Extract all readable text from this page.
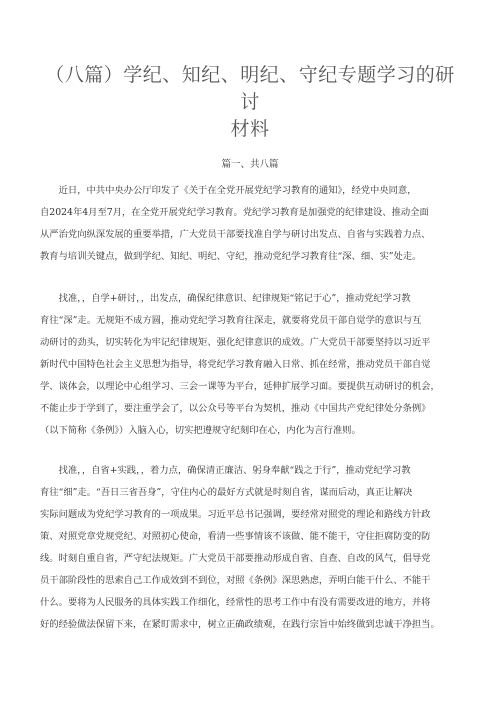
（八篇）学纪、知纪、明纪、守纪专题学习的研讨
材料
篇一、共八篇

近日，中共中央办公厅印发了《关于在全党开展党纪学习教育的通知》，经党中央同意，
自2024年4月至7月，在全党开展党纪学习教育。党纪学习教育是加强党的纪律建设、推动全面
从严治党向纵深发展的重要举措，广大党员干部要找准自学与研讨出发点、自省与实践着力点、
教育与培训关键点，做到学纪、知纪、明纪、守纪，推动党纪学习教育往“深、细、实”处走。

找准，，自学+研讨，，出发点，确保纪律意识、纪律规矩“铭记于心”，推动党纪学习教
育往“深”走。无规矩不成方圆，推动党纪学习教育往深走，就要将党员干部自觉学的意识与互
动研讨的劲头，切实转化为牢记纪律规矩、强化纪律意识的成效。广大党员干部要坚持以习近平
新时代中国特色社会主义思想为指导，将党纪学习教育融入日常、抓在经常，推动党员干部自觉
学、谈体会，以理论中心组学习、三会一课等为平台，延伸扩展学习面。要提供互动研讨的机会，
不能止步于学到了，要注重学会了，以公众号等平台为契机，推动《中国共产党纪律处分条例》
（以下简称《条例》）入脑入心，切实把遵规守纪刻印在心，内化为言行准则。

找准，，自省+实践，，着力点，确保清正廉洁、躬身奉献“践之于行”，推动党纪学习教
育往“细”走。“吾日三省吾身”，守住内心的最好方式就是时刻自省，谋而后动，真正让解决
实际问题成为党纪学习教育的一项成果。习近平总书记强调，要经常对照党的理论和路线方针政
策、对照党章党规党纪、对照初心使命，看清一些事情该不该做、能不能干，守住拒腐防变的防
线。时刻自重自省，严守纪法规矩。广大党员干部要推动形成自省、自查、自改的风气，倡导党
员干部阶段性的思索自己工作成效到不到位，对照《条例》深思熟虑，弄明白能干什么、不能干
什么。要将为人民服务的具体实践工作细化，经常性的思考工作中有没有需要改进的地方，并将
好的经验做法保留下来，在紧盯需求中，树立正确政绩观，在践行宗旨中始终做到忠诚干净担当。
